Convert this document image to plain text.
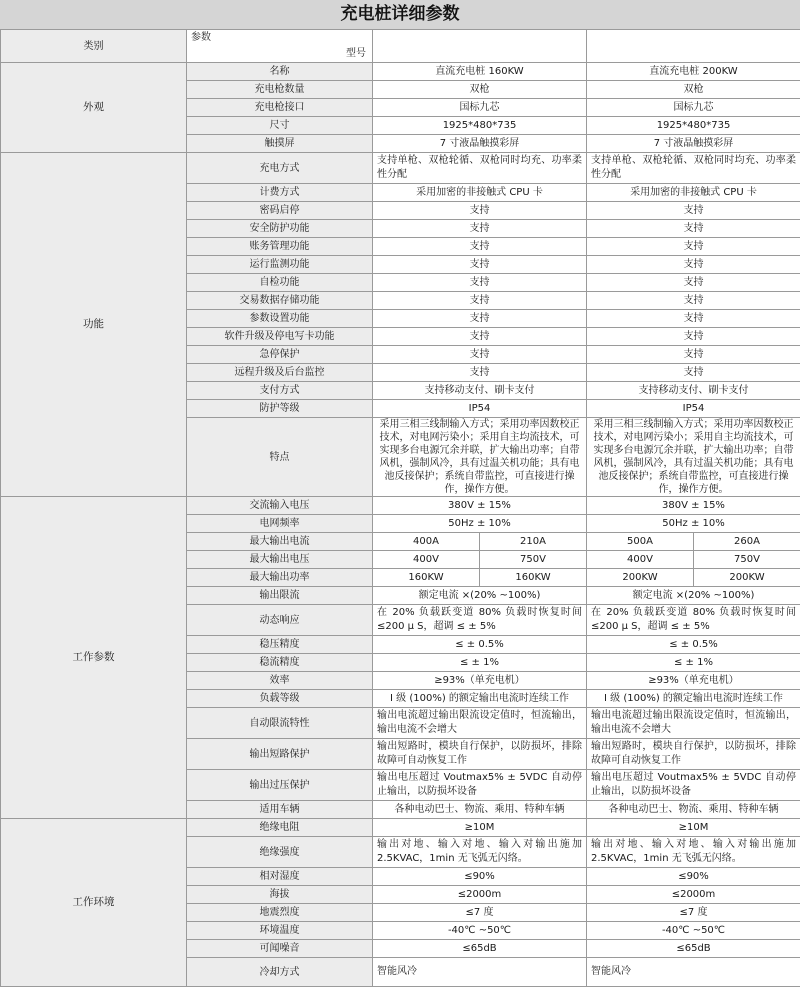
充电桩详细参数
类别	型号
参数				

外观	名称	直流充电桩 160KW		直流充电桩 200KW	
	充电枪数量	双枪		双枪	
	充电枪接口	国标九芯		国标九芯	
	尺寸	1925*480*735		1925*480*735	
	触摸屏	7 寸液晶触摸彩屏		7 寸液晶触摸彩屏	
功能	充电方式	支持单枪、双枪轮循、双枪同时均充、功率柔性分配		支持单枪、双枪轮循、双枪同时均充、功率柔性分配	
	计费方式	采用加密的非接触式 CPU 卡		采用加密的非接触式 CPU 卡	
	密码启停	支持		支持	
	安全防护功能	支持		支持	
	账务管理功能	支持		支持	
	运行监测功能	支持		支持	
	自检功能	支持		支持	
	交易数据存储功能	支持		支持	
	参数设置功能	支持		支持	
	软件升级及停电写卡功能	支持		支持	
	急停保护	支持		支持	
	远程升级及后台监控	支持		支持	
	支付方式	支持移动支付、刷卡支付		支持移动支付、刷卡支付	
	防护等级	IP54		IP54	
	特点	采用三相三线制输入方式；采用功率因数校正技术，对电网污染小；采用自主均流技术，可实现多台电源冗余并联，扩大输出功率；自带风机，强制风冷，具有过温关机功能；具有电池反接保护；系统自带监控，可直接进行操作，操作方便。		采用三相三线制输入方式；采用功率因数校正技术，对电网污染小；采用自主均流技术，可实现多台电源冗余并联，扩大输出功率；自带风机，强制风冷，具有过温关机功能；具有电池反接保护；系统自带监控，可直接进行操作，操作方便。	
工作参数	交流输入电压	380V ± 15%		380V ± 15%	
	电网频率	50Hz ± 10%		50Hz ± 10%	
	最大输出电流	400A	210A	500A	260A
	最大输出电压	400V	750V	400V	750V
	最大输出功率	160KW	160KW	200KW	200KW
	输出限流	额定电流 ×(20% ~100%)		额定电流 ×(20% ~100%)	
	动态响应	在 20% 负载跃变道 80% 负载时恢复时间 ≤200 μ S，超调 ≤ ± 5%		在 20% 负载跃变道 80% 负载时恢复时间 ≤200 μ S，超调 ≤ ± 5%	
	稳压精度	≤ ± 0.5%		≤ ± 0.5%	
	稳流精度	≤ ± 1%		≤ ± 1%	
	效率	≥93%（单充电机）		≥93%（单充电机）	
	负载等级	I 级 (100%) 的额定输出电流时连续工作		I 级 (100%) 的额定输出电流时连续工作	
	自动限流特性	输出电流超过输出限流设定值时，恒流输出，输出电流不会增大		输出电流超过输出限流设定值时，恒流输出，输出电流不会增大	
	输出短路保护	输出短路时，模块自行保护，以防损坏，排除故障可自动恢复工作		输出短路时，模块自行保护，以防损坏，排除故障可自动恢复工作	
	输出过压保护	输出电压超过 Voutmax5% ± 5VDC 自动停止输出，以防损坏设备		输出电压超过 Voutmax5% ± 5VDC 自动停止输出，以防损坏设备	
	适用车辆	各种电动巴士、物流、乘用、特种车辆		各种电动巴士、物流、乘用、特种车辆	
工作环境	绝缘电阻	≥10M		≥10M	
	绝缘强度	输出对地、输入对地、输入对输出施加 2.5KVAC，1min 无飞弧无闪络。		输出对地、输入对地、输入对输出施加 2.5KVAC，1min 无飞弧无闪络。	
	相对湿度	≤90%		≤90%	
	海拔	≤2000m		≤2000m	
	地震烈度	≤7 度		≤7 度	
	环境温度	-40℃ ~50℃		-40℃ ~50℃	
	可闻噪音	≤65dB		≤65dB	
	冷却方式	智能风冷		智能风冷	
